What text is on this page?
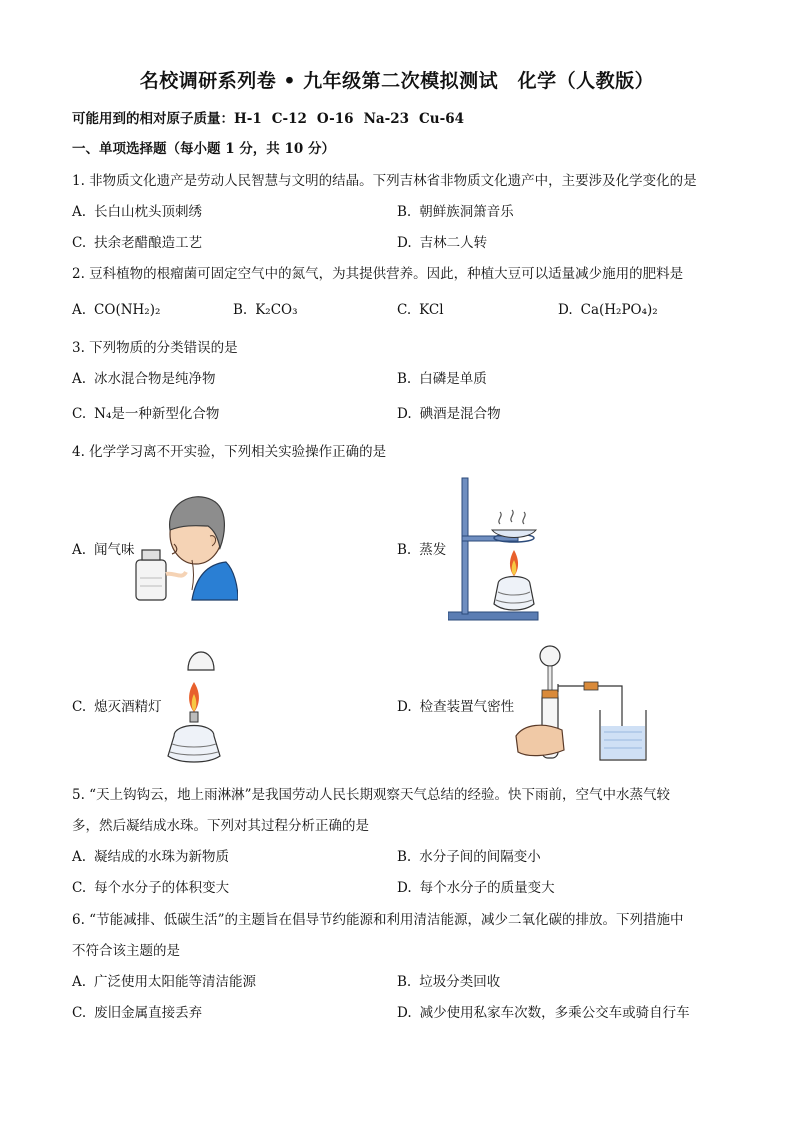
名校调研系列卷 • 九年级第二次模拟测试　化学（人教版）
可能用到的相对原子质量：H-1 C-12 O-16 Na-23 Cu-64
一、单项选择题（每小题 1 分，共 10 分）
1. 非物质文化遗产是劳动人民智慧与文明的结晶。下列吉林省非物质文化遗产中，主要涉及化学变化的是
A. 长白山枕头顶刺绣	B. 朝鲜族洞箫音乐
C. 扶余老醋酿造工艺	D. 吉林二人转
2. 豆科植物的根瘤菌可固定空气中的氮气，为其提供营养。因此，种植大豆可以适量减少施用的肥料是
A. CO(NH₂)₂	B. K₂CO₃	C. KCl	D. Ca(H₂PO₄)₂
3. 下列物质的分类错误的是
A. 冰水混合物是纯净物	B. 白磷是单质
C. N₄是一种新型化合物	D. 碘酒是混合物
4. 化学学习离不开实验，下列相关实验操作正确的是
A. 闻气味	B. 蒸发
C. 熄灭酒精灯	D. 检查装置气密性
5. “天上钩钩云，地上雨淋淋”是我国劳动人民长期观察天气总结的经验。快下雨前，空气中水蒸气较
多，然后凝结成水珠。下列对其过程分析正确的是
A. 凝结成的水珠为新物质	B. 水分子间的间隔变小
C. 每个水分子的体积变大	D. 每个水分子的质量变大
6. “节能减排、低碳生活”的主题旨在倡导节约能源和利用清洁能源，减少二氧化碳的排放。下列措施中
不符合该主题的是
A. 广泛使用太阳能等清洁能源	B. 垃圾分类回收
C. 废旧金属直接丢弃	D. 减少使用私家车次数，多乘公交车或骑自行车
